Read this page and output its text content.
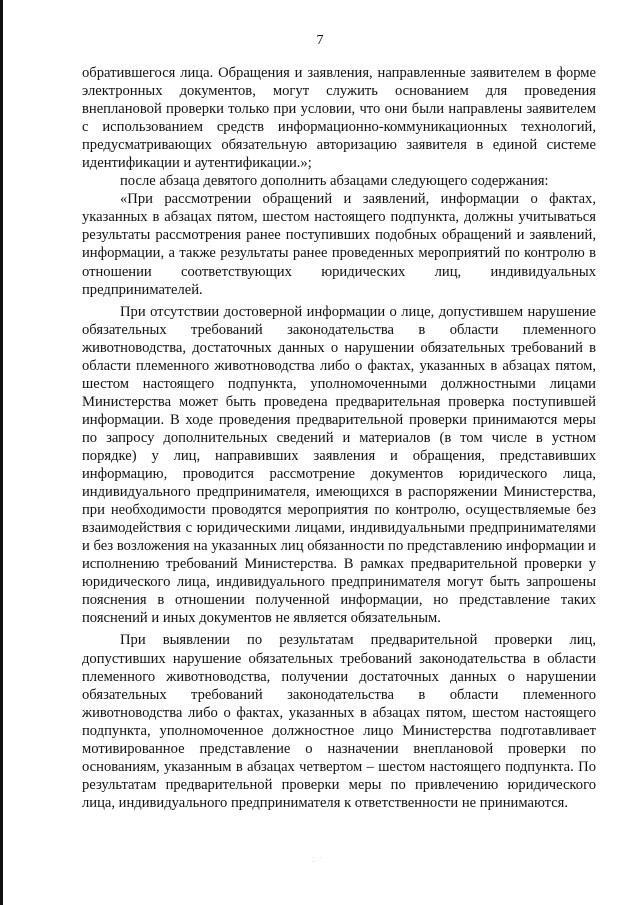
7

обратившегося лица. Обращения и заявления, направленные заявителем в форме электронных документов, могут служить основанием для проведения внеплановой проверки только при условии, что они были направлены заявителем с использованием средств информационно-коммуникационных технологий, предусматривающих обязательную авторизацию заявителя в единой системе идентификации и аутентификации.»;

после абзаца девятого дополнить абзацами следующего содержания:

«При рассмотрении обращений и заявлений, информации о фактах, указанных в абзацах пятом, шестом настоящего подпункта, должны учитываться результаты рассмотрения ранее поступивших подобных обращений и заявлений, информации, а также результаты ранее проведенных мероприятий по контролю в отношении соответствующих юридических лиц, индивидуальных предпринимателей.

При отсутствии достоверной информации о лице, допустившем нарушение обязательных требований законодательства в области племенного животноводства, достаточных данных о нарушении обязательных требований в области племенного животноводства либо о фактах, указанных в абзацах пятом, шестом настоящего подпункта, уполномоченными должностными лицами Министерства может быть проведена предварительная проверка поступившей информации. В ходе проведения предварительной проверки принимаются меры по запросу дополнительных сведений и материалов (в том числе в устном порядке) у лиц, направивших заявления и обращения, представивших информацию, проводится рассмотрение документов юридического лица, индивидуального предпринимателя, имеющихся в распоряжении Министерства, при необходимости проводятся мероприятия по контролю, осуществляемые без взаимодействия с юридическими лицами, индивидуальными предпринимателями и без возложения на указанных лиц обязанности по представлению информации и исполнению требований Министерства. В рамках предварительной проверки у юридического лица, индивидуального предпринимателя могут быть запрошены пояснения в отношении полученной информации, но представление таких пояснений и иных документов не является обязательным.

При выявлении по результатам предварительной проверки лиц, допустивших нарушение обязательных требований законодательства в области племенного животноводства, получении достаточных данных о нарушении обязательных требований законодательства в области племенного животноводства либо о фактах, указанных в абзацах пятом, шестом настоящего подпункта, уполномоченное должностное лицо Министерства подготавливает мотивированное представление о назначении внеплановой проверки по основаниям, указанным в абзацах четвертом – шестом настоящего подпункта. По результатам предварительной проверки меры по привлечению юридического лица, индивидуального предпринимателя к ответственности не принимаются.

· · ·
